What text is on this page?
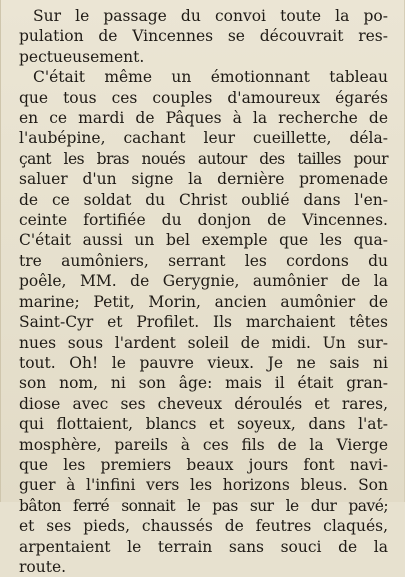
Sur le passage du convoi toute la po-
pulation de Vincennes se découvrait res-
pectueusement.

C'était même un émotionnant tableau
que tous ces couples d'amoureux égarés
en ce mardi de Pâques à la recherche de
l'aubépine, cachant leur cueillette, déla-
çant les bras noués autour des tailles pour
saluer d'un signe la dernière promenade
de ce soldat du Christ oublié dans l'en-
ceinte fortifiée du donjon de Vincennes.
C'était aussi un bel exemple que les qua-
tre aumôniers, serrant les cordons du
poêle, MM. de Gerygnie, aumônier de la
marine; Petit, Morin, ancien aumônier de
Saint-Cyr et Profilet. Ils marchaient têtes
nues sous l'ardent soleil de midi. Un sur-
tout. Oh! le pauvre vieux. Je ne sais ni
son nom, ni son âge: mais il était gran-
diose avec ses cheveux déroulés et rares,
qui flottaient, blancs et soyeux, dans l'at-
mosphère, pareils à ces fils de la Vierge
que les premiers beaux jours font navi-
guer à l'infini vers les horizons bleus. Son
bâton ferré sonnait le pas sur le dur pavé;
et ses pieds, chaussés de feutres claqués,
arpentaient le terrain sans souci de la
route.
